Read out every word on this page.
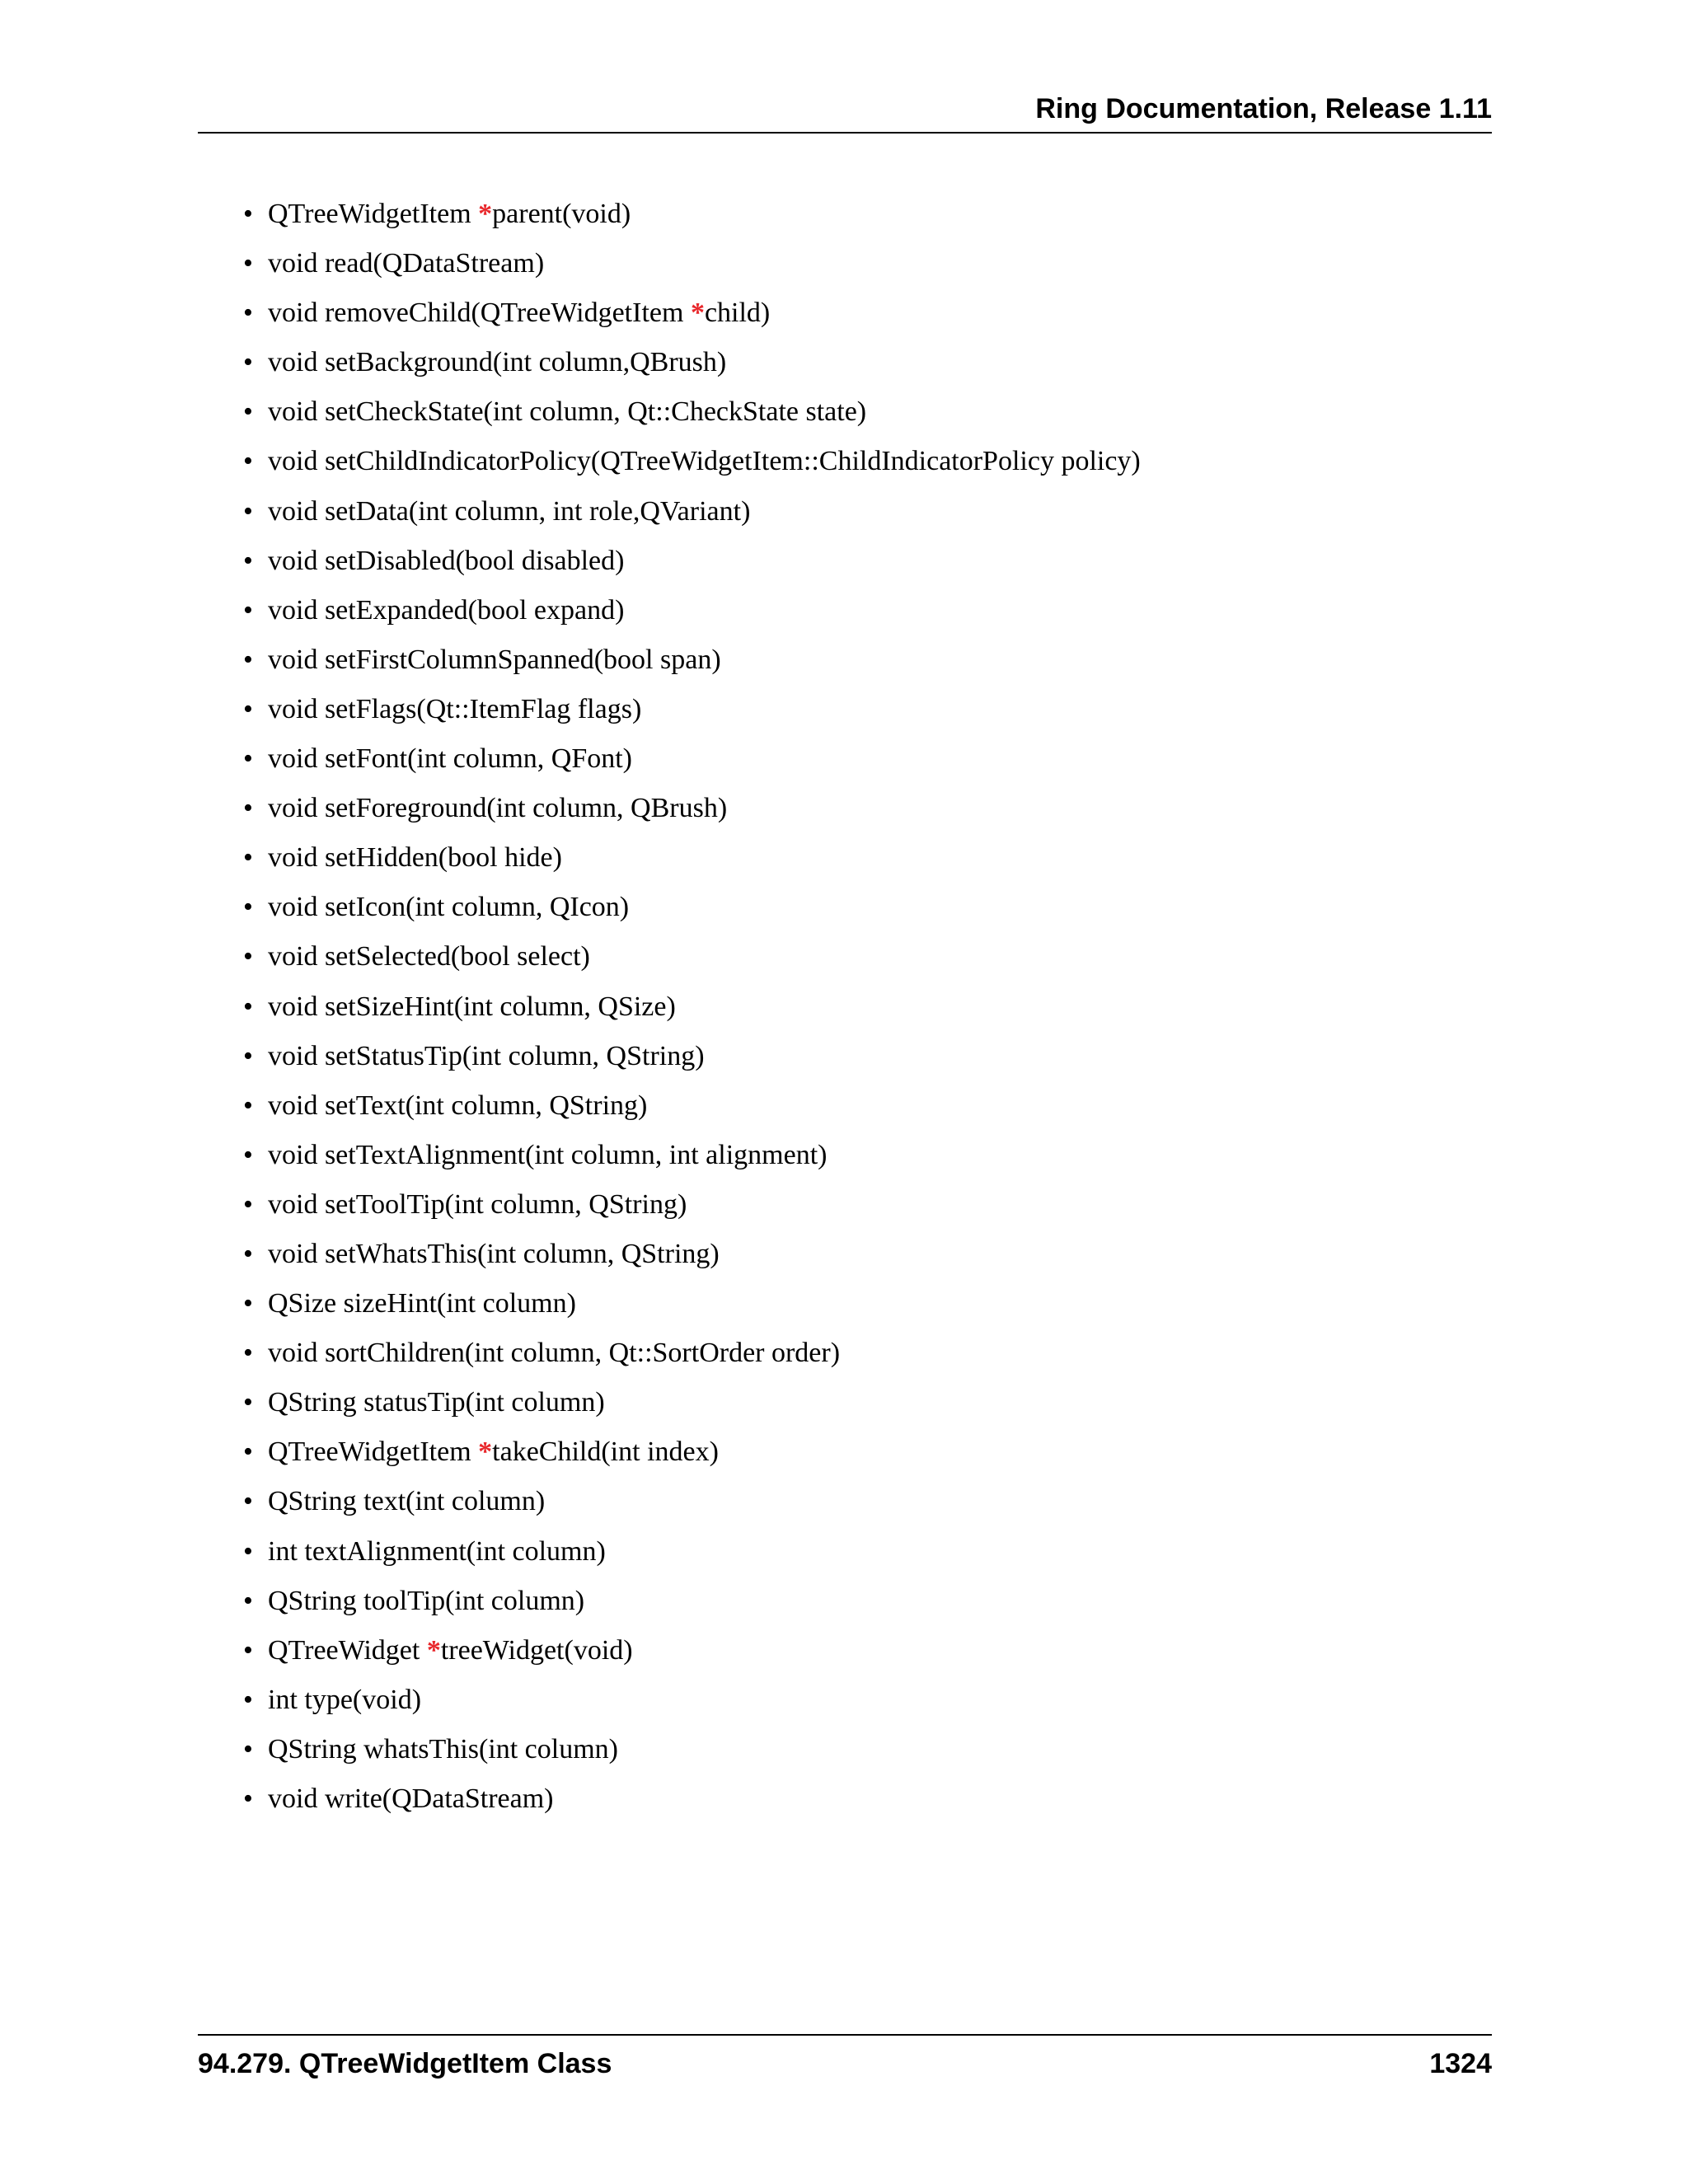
Ring Documentation, Release 1.11
• QTreeWidgetItem *parent(void)
• void read(QDataStream)
• void removeChild(QTreeWidgetItem *child)
• void setBackground(int column,QBrush)
• void setCheckState(int column, Qt::CheckState state)
• void setChildIndicatorPolicy(QTreeWidgetItem::ChildIndicatorPolicy policy)
• void setData(int column, int role,QVariant)
• void setDisabled(bool disabled)
• void setExpanded(bool expand)
• void setFirstColumnSpanned(bool span)
• void setFlags(Qt::ItemFlag flags)
• void setFont(int column, QFont)
• void setForeground(int column, QBrush)
• void setHidden(bool hide)
• void setIcon(int column, QIcon)
• void setSelected(bool select)
• void setSizeHint(int column, QSize)
• void setStatusTip(int column, QString)
• void setText(int column, QString)
• void setTextAlignment(int column, int alignment)
• void setToolTip(int column, QString)
• void setWhatsThis(int column, QString)
• QSize sizeHint(int column)
• void sortChildren(int column, Qt::SortOrder order)
• QString statusTip(int column)
• QTreeWidgetItem *takeChild(int index)
• QString text(int column)
• int textAlignment(int column)
• QString toolTip(int column)
• QTreeWidget *treeWidget(void)
• int type(void)
• QString whatsThis(int column)
• void write(QDataStream)
94.279. QTreeWidgetItem Class	1324
